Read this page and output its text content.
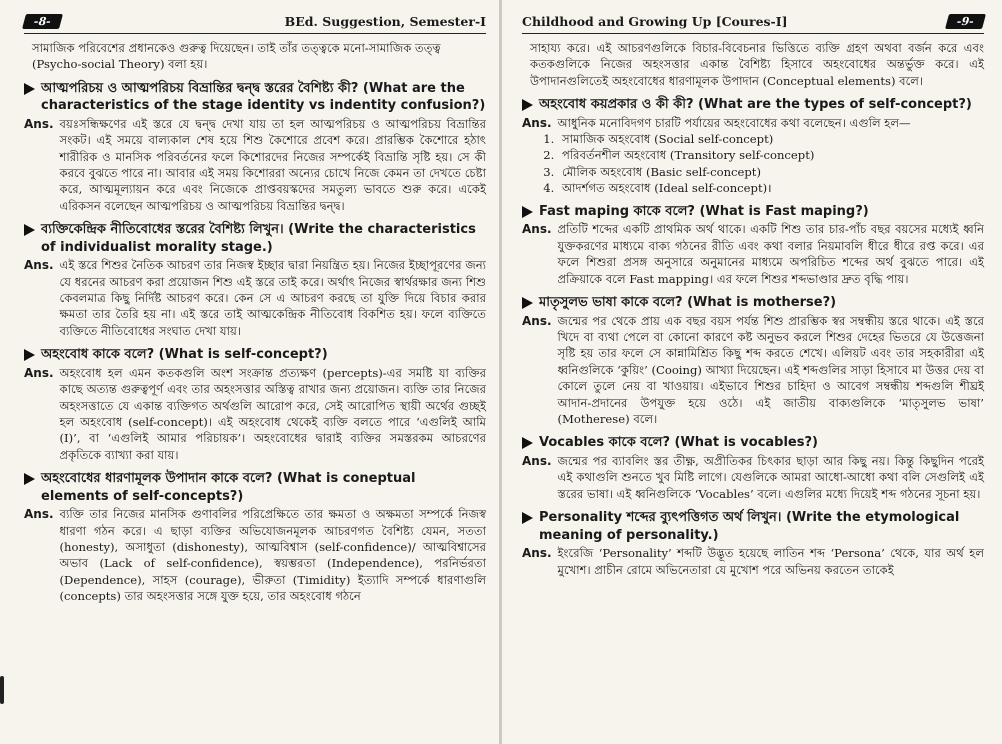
-8-	BEd. Suggestion, Semester-I

সামাজিক পরিবেশের প্রধানকেও গুরুত্ব দিয়েছেন। তাই তাঁর তত্ত্বকে মনো-সামাজিক তত্ত্ব

(Psycho-social Theory) বলা হয়।

আত্মপরিচয় ও আত্মপরিচয় বিভ্রান্তির দ্বন্দ্ব স্তরের বৈশিষ্ট্য কী? (What are the characteristics of the stage identity vs indentity confusion?)
Ans. বয়ঃসন্ধিক্ষণের এই স্তরে যে দ্বন্দ্ব দেখা যায় তা হল আত্মপরিচয় ও আত্মপরিচয় বিভ্রান্তির সংকট। এই সময়ে বাল্যকাল শেষ হয়ে শিশু কৈশোরে প্রবেশ করে। প্রারম্ভিক কৈশোরে হঠাৎ শারীরিক ও মানসিক পরিবর্তনের ফলে কিশোরদের নিজের সম্পর্কেই বিভ্রান্তি সৃষ্টি হয়। সে কী করবে বুঝতে পারে না। আবার এই সময় কিশোররা অন্যের চোখে নিজে কেমন তা দেখতে চেষ্টা করে, আত্মমূল্যায়ন করে এবং নিজেকে প্রাপ্তবয়স্কদের সমতুল্য ভাবতে শুরু করে। একেই এরিকসন বলেছেন আত্মপরিচয় ও আত্মপরিচয় বিভ্রান্তির দ্বন্দ্ব।

ব্যক্তিকেন্দ্রিক নীতিবোধের স্তরের বৈশিষ্ট্য লিখুন। (Write the characteristics of individualist morality stage.)
Ans. এই স্তরে শিশুর নৈতিক আচরণ তার নিজস্ব ইচ্ছার দ্বারা নিয়ন্ত্রিত হয়। নিজের ইচ্ছাপূরণের জন্য যে ধরনের আচরণ করা প্রয়োজন শিশু এই স্তরে তাই করে। অর্থাৎ নিজের স্বার্থরক্ষার জন্য শিশু কেবলমাত্র কিছু নির্দিষ্ট আচরণ করে। কেন সে এ আচরণ করছে তা যুক্তি দিয়ে বিচার করার ক্ষমতা তার তৈরি হয় না। এই স্তরে তাই আত্মকেন্দ্রিক নীতিবোধ বিকশিত হয়। ফলে ব্যক্তিতে ব্যক্তিতে নীতিবোধের সংঘাত দেখা যায়।

অহংবোধ কাকে বলে? (What is self-concept?)
Ans. অহংবোধ হল এমন কতকগুলি অংশ সংক্রান্ত প্রত্যক্ষণ (percepts)-এর সমষ্টি যা ব্যক্তির কাছে অত্যন্ত গুরুত্বপূর্ণ এবং তার অহংসত্তার অস্তিত্ব রাখার জন্য প্রয়োজন। ব্যক্তি তার নিজের অহংসত্তাতে যে একান্ত ব্যক্তিগত অর্থগুলি আরোপ করে, সেই আরোপিত স্থায়ী অর্থের গুচ্ছই হল অহংবোধ (self-concept)। এই অহংবোধ থেকেই ব্যক্তি বলতে পারে ‘এগুলিই আমি (I)’, বা ‘এগুলিই আমার পরিচায়ক’। অহংবোধের দ্বারাই ব্যক্তির সমস্তরকম আচরণের প্রকৃতিকে ব্যাখ্যা করা যায়।

অহংবোধের ধারণামূলক উপাদান কাকে বলে? (What is coneptual elements of self-concepts?)
Ans. ব্যক্তি তার নিজের মানসিক গুণাবলির পরিপ্রেক্ষিতে তার ক্ষমতা ও অক্ষমতা সম্পর্কে নিজস্ব ধারণা গঠন করে। এ ছাড়া ব্যক্তির অভিযোজনমূলক আচরণগত বৈশিষ্ট্য যেমন, সততা (honesty), অসাধুতা (dishonesty), আত্মবিশ্বাস (self-confidence)/ আত্মবিশ্বাসের অভাব (Lack of self-confidence), স্বয়ম্ভরতা (Independence), পরনির্ভরতা (Dependence), সাহস (courage), ভীরুতা (Timidity) ইত্যাদি সম্পর্কে ধারণাগুলি (concepts) তার অহংসত্তার সঙ্গে যুক্ত হয়ে, তার অহংবোধ গঠনে

Childhood and Growing Up [Coures-I]	-9-

সাহায্য করে। এই আচরণগুলিকে বিচার-বিবেচনার ভিত্তিতে ব্যক্তি গ্রহণ অথবা বর্জন করে এবং কতকগুলিকে নিজের অহংসত্তার একান্ত বৈশিষ্ট্য হিসাবে অহংবোধের অন্তর্ভুক্ত করে। এই উপাদানগুলিতেই অহংবোধের ধারণামূলক উপাদান (Conceptual elements) বলে।

অহংবোধ কয়প্রকার ও কী কী? (What are the types of self-concept?)
Ans. আধুনিক মনোবিদগণ চারটি পর্যায়ের অহংবোধের কথা বলেছেন। এগুলি হল—

1. সামাজিক অহংবোধ (Social self-concept)
2. পরিবর্তনশীল অহংবোধ (Transitory self-concept)
3. মৌলিক অহংবোধ (Basic self-concept)
4. আদর্শগত অহংবোধ (Ideal self-concept)।
Fast maping কাকে বলে? (What is Fast maping?)
Ans. প্রতিটি শব্দের একটি প্রাথমিক অর্থ থাকে। একটি শিশু তার চার-পাঁচ বছর বয়সের মধ্যেই ধ্বনি যুক্তকরণের মাধ্যমে বাক্য গঠনের রীতি এবং কথা বলার নিয়মাবলি ধীরে ধীরে রপ্ত করে। এর ফলে শিশুরা প্রসঙ্গ অনুসারে অনুমানের মাধ্যমে অপরিচিত শব্দের অর্থ বুঝতে পারে। এই প্রক্রিয়াকে বলে Fast mapping। এর ফলে শিশুর শব্দভাণ্ডার দ্রুত বৃদ্ধি পায়।

মাতৃসুলভ ভাষা কাকে বলে? (What is motherse?)
Ans. জন্মের পর থেকে প্রায় এক বছর বয়স পর্যন্ত শিশু প্রারম্ভিক স্বর সম্বন্ধীয় স্তরে থাকে। এই স্তরে খিদে বা ব্যথা পেলে বা কোনো কারণে কষ্ট অনুভব করলে শিশুর দেহের ভিতরে যে উত্তেজনা সৃষ্টি হয় তার ফলে সে কান্নামিশ্রিত কিছু শব্দ করতে শেখে। এলিয়ট এবং তার সহকারীরা এই ধ্বনিগুলিকে ‘কুয়িং’ (Cooing) আখ্যা দিয়েছেন। এই শব্দগুলির সাড়া হিসাবে মা উত্তর দেয় বা কোলে তুলে নেয় বা খাওয়ায়। এইভাবে শিশুর চাহিদা ও আবেগ সম্বন্ধীয় শব্দগুলি শীঘ্রই আদান-প্রদানের উপযুক্ত হয়ে ওঠে। এই জাতীয় বাক্যগুলিকে ‘মাতৃসুলভ ভাষা’ (Motherese) বলে।

Vocables কাকে বলে? (What is vocables?)
Ans. জন্মের পর ব্যাবলিং স্তর তীক্ষ্ণ, অপ্রীতিকর চিৎকার ছাড়া আর কিছু নয়। কিন্তু কিছুদিন পরেই এই কথাগুলি শুনতে খুব মিষ্টি লাগে। যেগুলিকে আমরা আধো-আধো কথা বলি সেগুলিই এই স্তরের ভাষা। এই ধ্বনিগুলিকে ‘Vocables’ বলে। এগুলির মধ্যে দিয়েই শব্দ গঠনের সূচনা হয়।

Personality শব্দের ব্যুৎপত্তিগত অর্থ লিখুন। (Write the etymological meaning of personality.)
Ans. ইংরেজি ‘Personality’ শব্দটি উদ্ভূত হয়েছে লাতিন শব্দ ‘Persona’ থেকে, যার অর্থ হল মুখোশ। প্রাচীন রোমে অভিনেতারা যে মুখোশ পরে অভিনয় করতেন তাকেই
